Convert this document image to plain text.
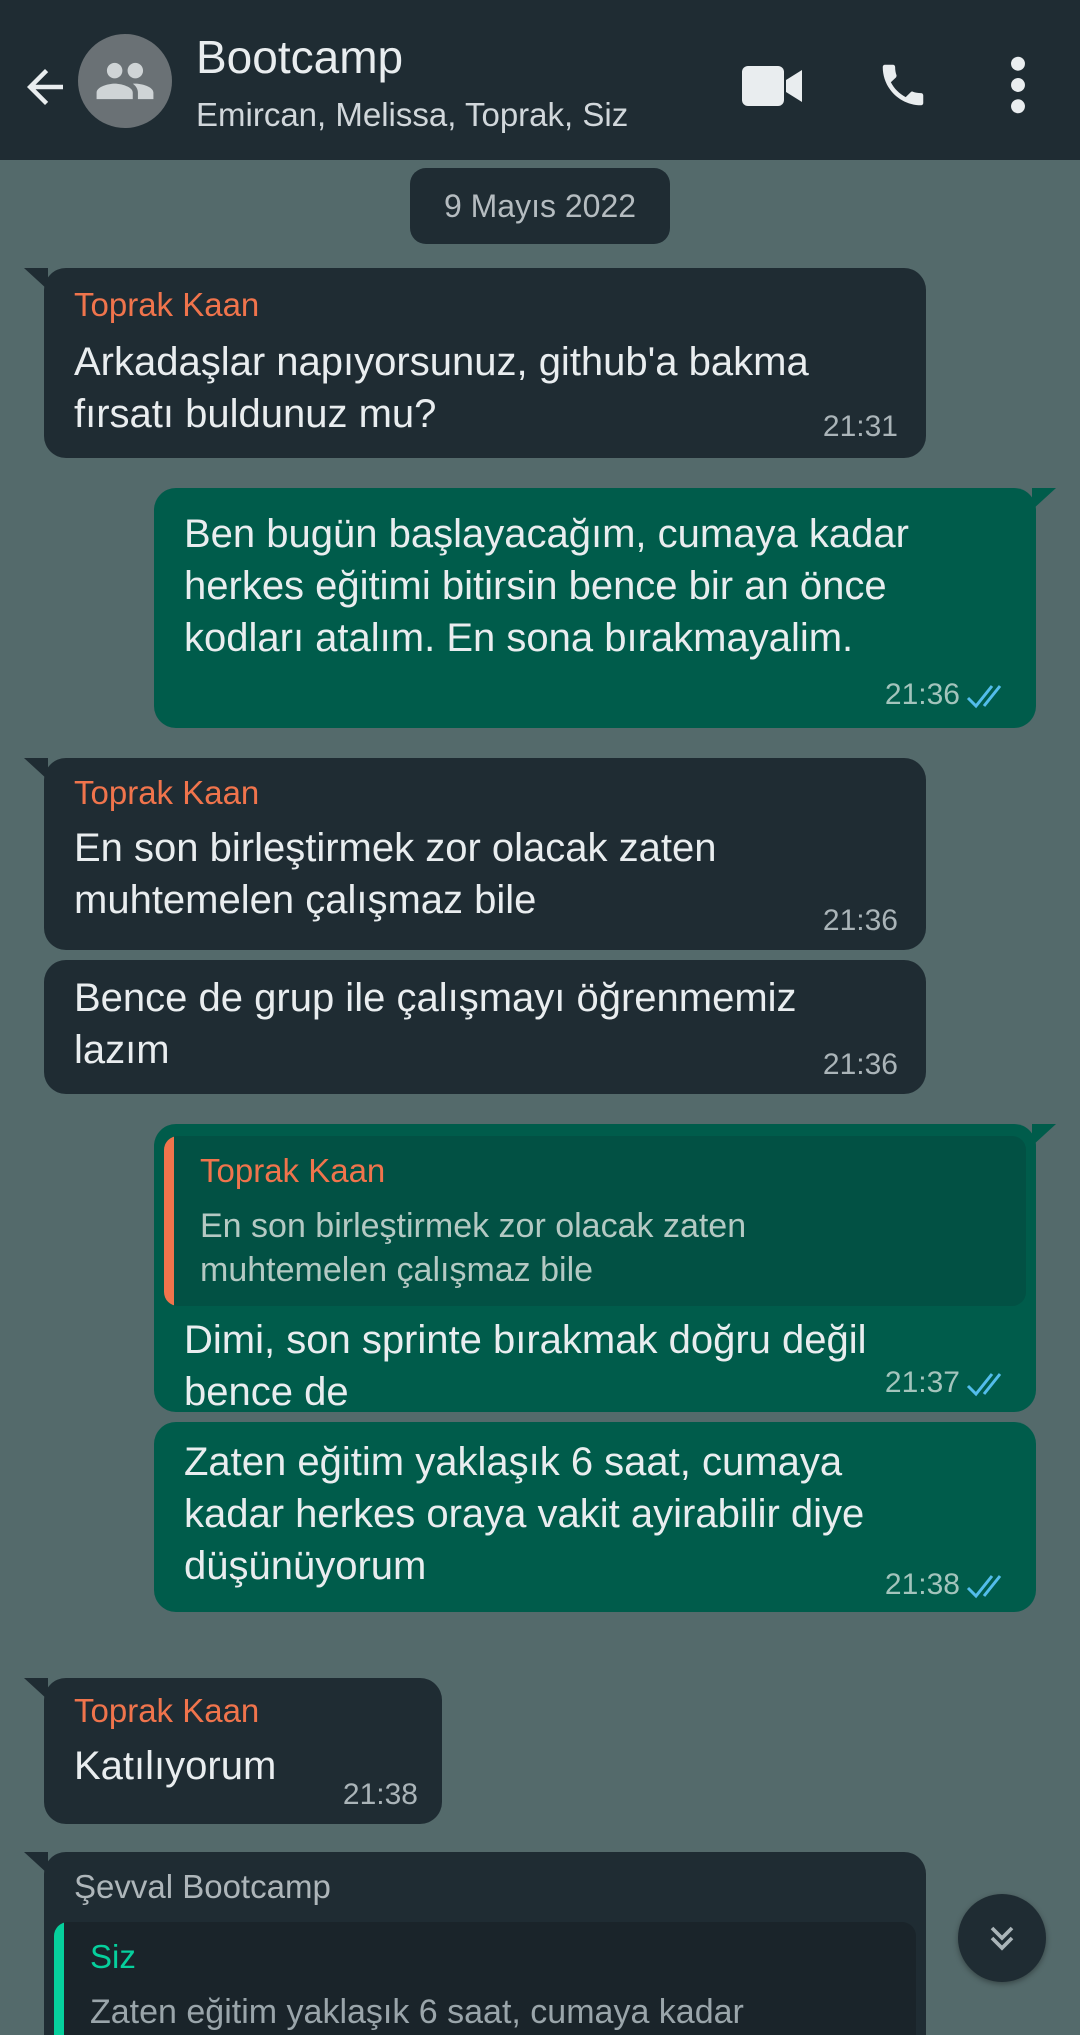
Bootcamp
Emircan, Melissa, Toprak, Siz
9 Mayıs 2022
Toprak Kaan
Arkadaşlar napıyorsunuz, github'a bakma
fırsatı buldunuz mu?	21:31
Ben bugün başlayacağım, cumaya kadar
herkes eğitimi bitirsin bence bir an önce
kodları atalım. En sona bırakmayalim.
21:36
Toprak Kaan
En son birleştirmek zor olacak zaten
muhtemelen çalışmaz bile	21:36
Bence de grup ile çalışmayı öğrenmemiz
lazım	21:36
Toprak Kaan
En son birleştirmek zor olacak zaten
muhtemelen çalışmaz bile
Dimi, son sprinte bırakmak doğru değil
bence de	21:37
Zaten eğitim yaklaşık 6 saat, cumaya
kadar herkes oraya vakit ayirabilir diye
düşünüyorum	21:38
Toprak Kaan
Katılıyorum
21:38
Şevval Bootcamp
Siz
Zaten eğitim yaklaşık 6 saat, cumaya kadar
